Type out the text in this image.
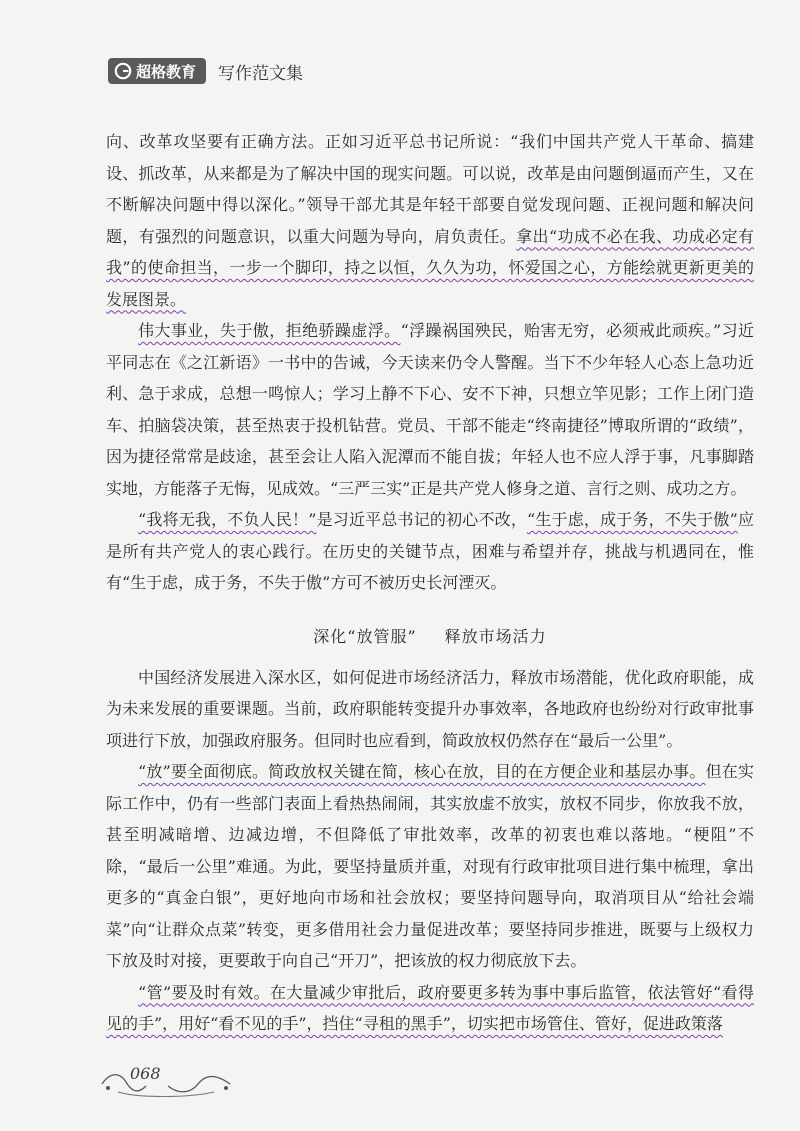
超格教育 写作范文集

向、改革攻坚要有正确方法。正如习近平总书记所说：“我们中国共产党人干革命、搞建设、抓改革，从来都是为了解决中国的现实问题。可以说，改革是由问题倒逼而产生，又在不断解决问题中得以深化。”领导干部尤其是年轻干部要自觉发现问题、正视问题和解决问题，有强烈的问题意识，以重大问题为导向，肩负责任。拿出“功成不必在我、功成必定有我”的使命担当，一步一个脚印，持之以恒，久久为功，怀爱国之心，方能绘就更新更美的发展图景。

伟大事业，失于傲，拒绝骄躁虚浮。“浮躁祸国殃民，贻害无穷，必须戒此顽疾。”习近平同志在《之江新语》一书中的告诫，今天读来仍令人警醒。当下不少年轻人心态上急功近利、急于求成，总想一鸣惊人；学习上静不下心、安不下神，只想立竿见影；工作上闭门造车、拍脑袋决策，甚至热衷于投机钻营。党员、干部不能走“终南捷径”博取所谓的“政绩”，因为捷径常常是歧途，甚至会让人陷入泥潭而不能自拔；年轻人也不应人浮于事，凡事脚踏实地，方能落子无悔，见成效。“三严三实”正是共产党人修身之道、言行之则、成功之方。

“我将无我，不负人民！”是习近平总书记的初心不改，“生于虑，成于务，不失于傲”应是所有共产党人的衷心践行。在历史的关键节点，困难与希望并存，挑战与机遇同在，惟有“生于虑，成于务，不失于傲”方可不被历史长河湮灭。

深化“放管服” 释放市场活力

中国经济发展进入深水区，如何促进市场经济活力，释放市场潜能，优化政府职能，成为未来发展的重要课题。当前，政府职能转变提升办事效率，各地政府也纷纷对行政审批事项进行下放，加强政府服务。但同时也应看到，简政放权仍然存在“最后一公里”。

“放”要全面彻底。简政放权关键在简，核心在放，目的在方便企业和基层办事。但在实际工作中，仍有一些部门表面上看热热闹闹，其实放虚不放实，放权不同步，你放我不放，甚至明减暗增、边减边增，不但降低了审批效率，改革的初衷也难以落地。“梗阻”不除，“最后一公里”难通。为此，要坚持量质并重，对现有行政审批项目进行集中梳理，拿出更多的“真金白银”，更好地向市场和社会放权；要坚持问题导向，取消项目从“给社会端菜”向“让群众点菜”转变，更多借用社会力量促进改革；要坚持同步推进，既要与上级权力下放及时对接，更要敢于向自己“开刀”，把该放的权力彻底放下去。

“管”要及时有效。在大量减少审批后，政府要更多转为事中事后监管，依法管好“看得见的手”，用好“看不见的手”，挡住“寻租的黑手”，切实把市场管住、管好，促进政策落

068
